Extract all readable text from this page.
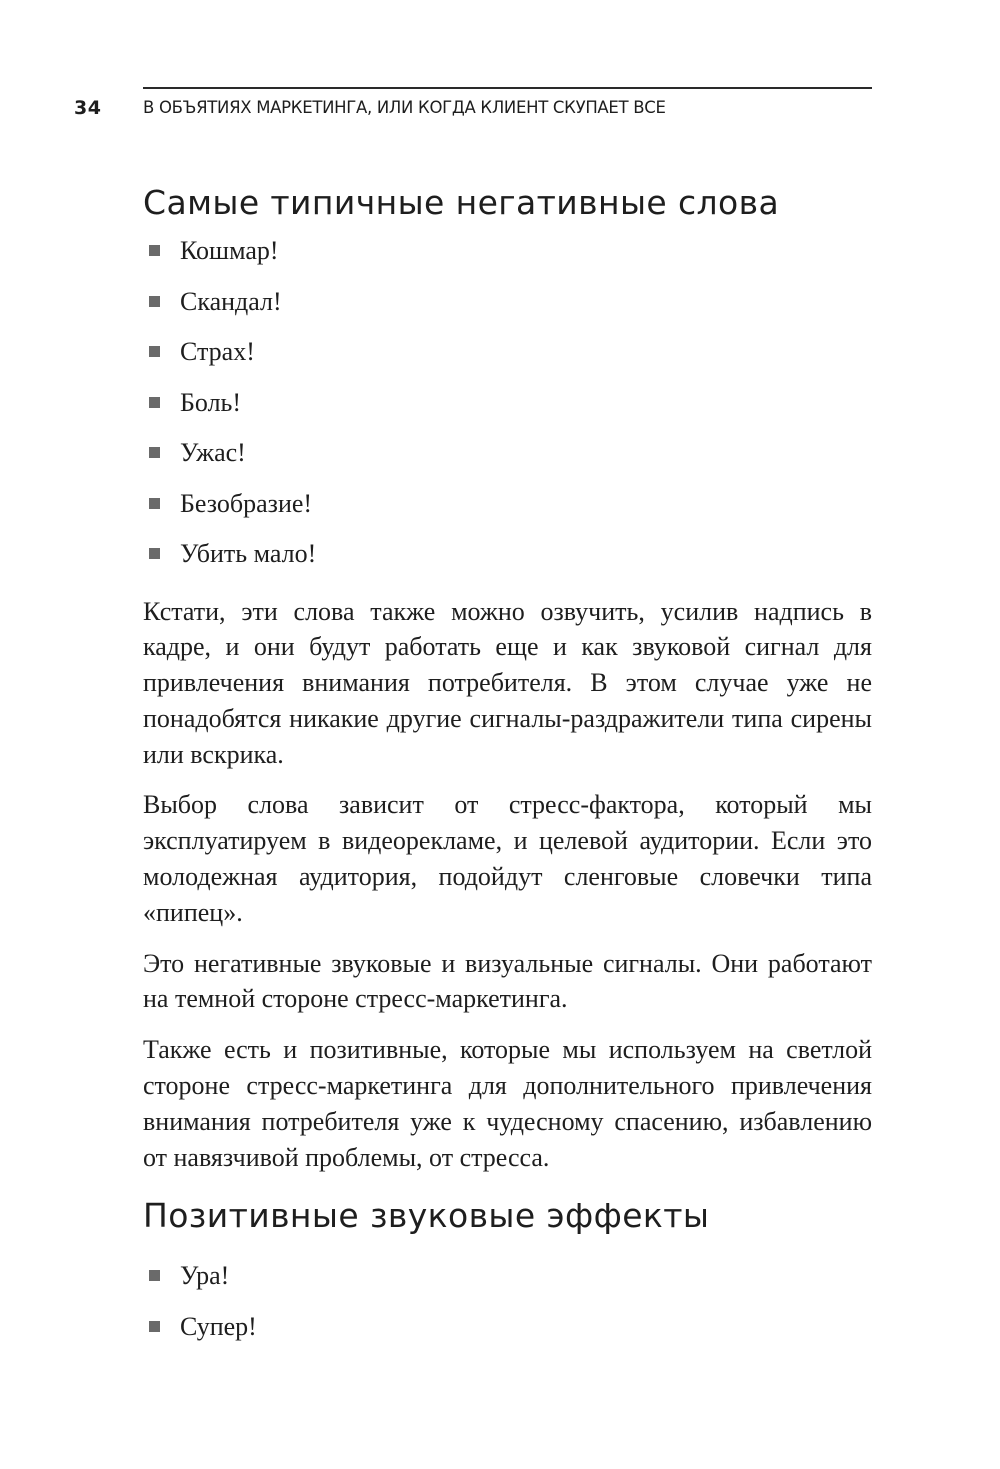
34	В ОБЪЯТИЯХ МАРКЕТИНГА, ИЛИ КОГДА КЛИЕНТ СКУПАЕТ ВСЕ
Самые типичные негативные слова
Кошмар!
Скандал!
Страх!
Боль!
Ужас!
Безобразие!
Убить мало!

Кстати, эти слова также можно озвучить, усилив надпись в кадре, и они будут работать еще и как звуковой сигнал для привлечения внимания потребителя. В этом случае уже не понадобятся никакие другие сигналы-раздражители типа сирены или вскрика.

Выбор слова зависит от стресс-фактора, который мы эксплуатируем в видеорекламе, и целевой аудитории. Если это молодежная аудитория, подойдут сленговые словечки типа «пипец».

Это негативные звуковые и визуальные сигналы. Они работают на темной стороне стресс-маркетинга.

Также есть и позитивные, которые мы используем на светлой стороне стресс-маркетинга для дополнительного привлечения внимания потребителя уже к чудесному спасению, избавлению от навязчивой проблемы, от стресса.

Позитивные звуковые эффекты
Ура!
Супер!
